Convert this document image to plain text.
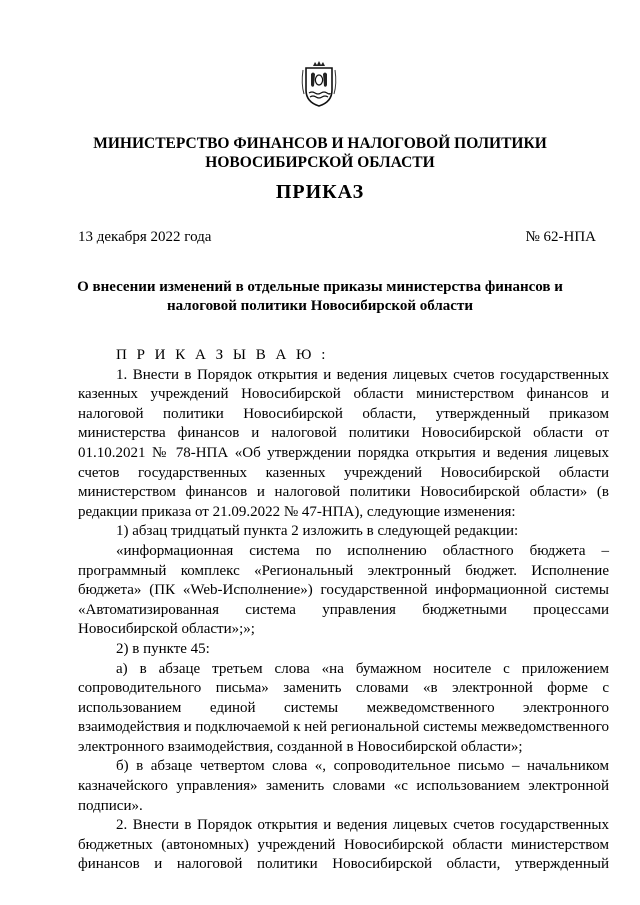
МИНИСТЕРСТВО ФИНАНСОВ И НАЛОГОВОЙ ПОЛИТИКИ
НОВОСИБИРСКОЙ ОБЛАСТИ
ПРИКАЗ
13 декабря 2022 года	№ 62-НПА
О внесении изменений в отдельные приказы министерства финансов и
налоговой политики Новосибирской области

П Р И К А З Ы В А Ю :

1. Внести в Порядок открытия и ведения лицевых счетов государственных казенных учреждений Новосибирской области министерством финансов и налоговой политики Новосибирской области, утвержденный приказом министерства финансов и налоговой политики Новосибирской области от 01.10.2021 № 78-НПА «Об утверждении порядка открытия и ведения лицевых счетов государственных казенных учреждений Новосибирской области министерством финансов и налоговой политики Новосибирской области» (в редакции приказа от 21.09.2022 № 47-НПА), следующие изменения:

1) абзац тридцатый пункта 2 изложить в следующей редакции:

«информационная система по исполнению областного бюджета – программный комплекс «Региональный электронный бюджет. Исполнение бюджета» (ПК «Web-Исполнение») государственной информационной системы «Автоматизированная система управления бюджетными процессами Новосибирской области»;»;

2) в пункте 45:

а) в абзаце третьем слова «на бумажном носителе с приложением сопроводительного письма» заменить словами «в электронной форме с использованием единой системы межведомственного электронного взаимодействия и подключаемой к ней региональной системы межведомственного электронного взаимодействия, созданной в Новосибирской области»;

б) в абзаце четвертом слова «, сопроводительное письмо – начальником казначейского управления» заменить словами «с использованием электронной подписи».

2. Внести в Порядок открытия и ведения лицевых счетов государственных бюджетных (автономных) учреждений Новосибирской области министерством финансов и налоговой политики Новосибирской области, утвержденный
